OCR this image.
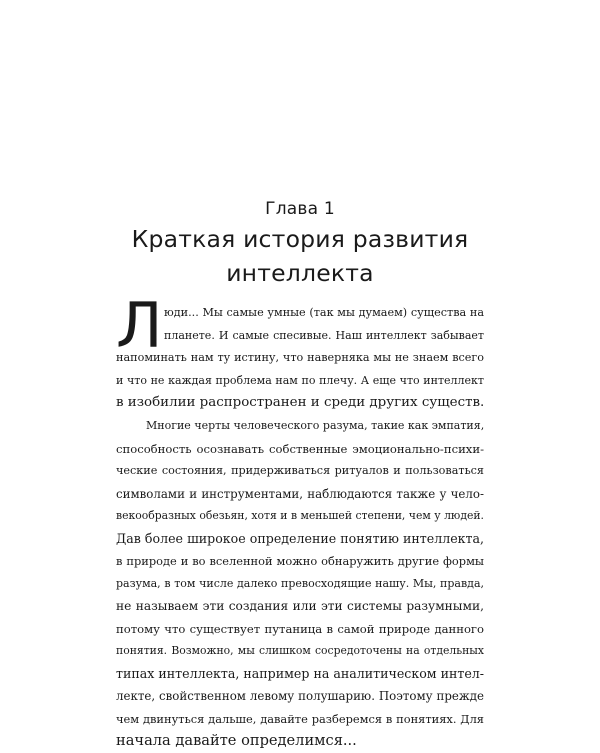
Глава 1
Краткая история развития
интеллекта
Л юди... Мы самые умные (так мы думаем) существа на
планете. И самые спесивые. Наш интеллект забывает
напоминать нам ту истину, что наверняка мы не знаем всего
и что не каждая проблема нам по плечу. А еще что интеллект
в изобилии распространен и среди других существ.
Многие черты человеческого разума, такие как эмпатия,
способность осознавать собственные эмоционально-психи-
ческие состояния, придерживаться ритуалов и пользоваться
символами и инструментами, наблюдаются также у чело-
векообразных обезьян, хотя и в меньшей степени, чем у людей.
Дав более широкое определение понятию интеллекта,
в природе и во вселенной можно обнаружить другие формы
разума, в том числе далеко превосходящие нашу. Мы, правда,
не называем эти создания или эти системы разумными,
потому что существует путаница в самой природе данного
понятия. Возможно, мы слишком сосредоточены на отдельных
типах интеллекта, например на аналитическом интел-
лекте, свойственном левому полушарию. Поэтому прежде
чем двинуться дальше, давайте разберемся в понятиях. Для
начала давайте определимся...
